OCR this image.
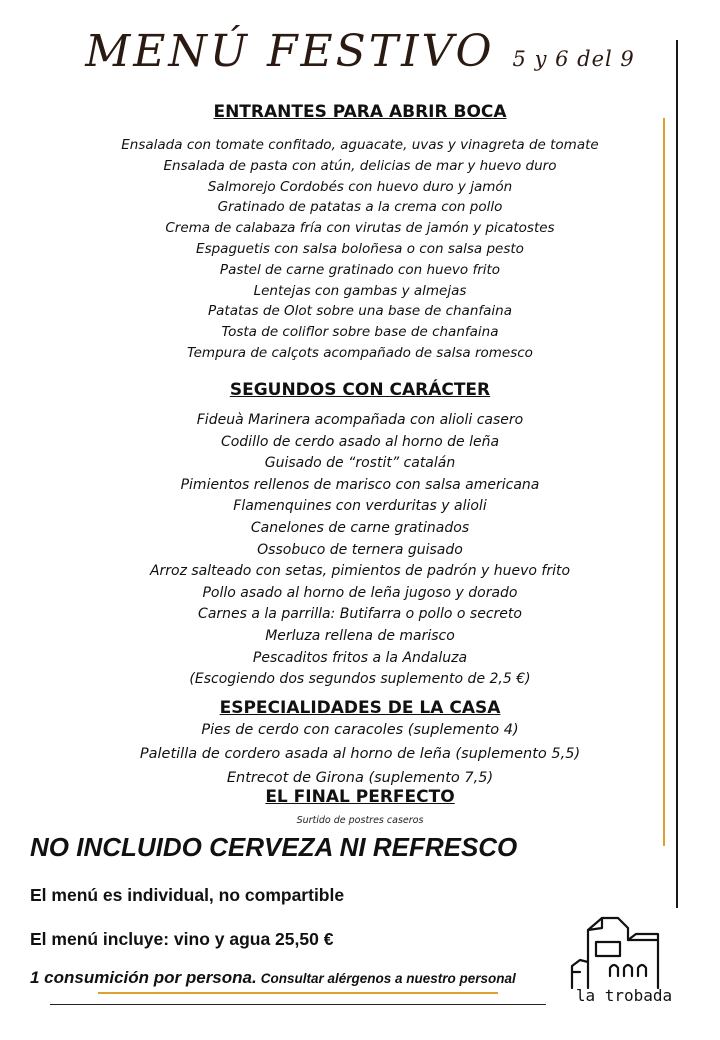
MENÚ FESTIVO 5 y 6 del 9

ENTRANTES PARA ABRIR BOCA

Ensalada con tomate confitado, aguacate, uvas y vinagreta de tomate

Ensalada de pasta con atún, delicias de mar y huevo duro

Salmorejo Cordobés con huevo duro y jamón

Gratinado de patatas a la crema con pollo

Crema de calabaza fría con virutas de jamón y picatostes

Espaguetis con salsa boloñesa o con salsa pesto

Pastel de carne gratinado con huevo frito

Lentejas con gambas y almejas

Patatas de Olot sobre una base de chanfaina

Tosta de coliflor sobre base de chanfaina

Tempura de calçots acompañado de salsa romesco

SEGUNDOS CON CARÁCTER

Fideuà Marinera acompañada con alioli casero

Codillo de cerdo asado al horno de leña

Guisado de “rostit” catalán

Pimientos rellenos de marisco con salsa americana

Flamenquines con verduritas y alioli

Canelones de carne gratinados

Ossobuco de ternera guisado

Arroz salteado con setas, pimientos de padrón y huevo frito

Pollo asado al horno de leña jugoso y dorado

Carnes a la parrilla: Butifarra o pollo o secreto

Merluza rellena de marisco

Pescaditos fritos a la Andaluza

(Escogiendo dos segundos suplemento de 2,5 €)

ESPECIALIDADES DE LA CASA

Pies de cerdo con caracoles (suplemento 4)

Paletilla de cordero asada al horno de leña (suplemento 5,5)

Entrecot de Girona (suplemento 7,5)

EL FINAL PERFECTO

Surtido de postres caseros
NO INCLUIDO CERVEZA NI REFRESCO
El menú es individual, no compartible
El menú incluye: vino y agua 25,50 €
1 consumición por persona. Consultar alérgenos a nuestro personal
la trobada
